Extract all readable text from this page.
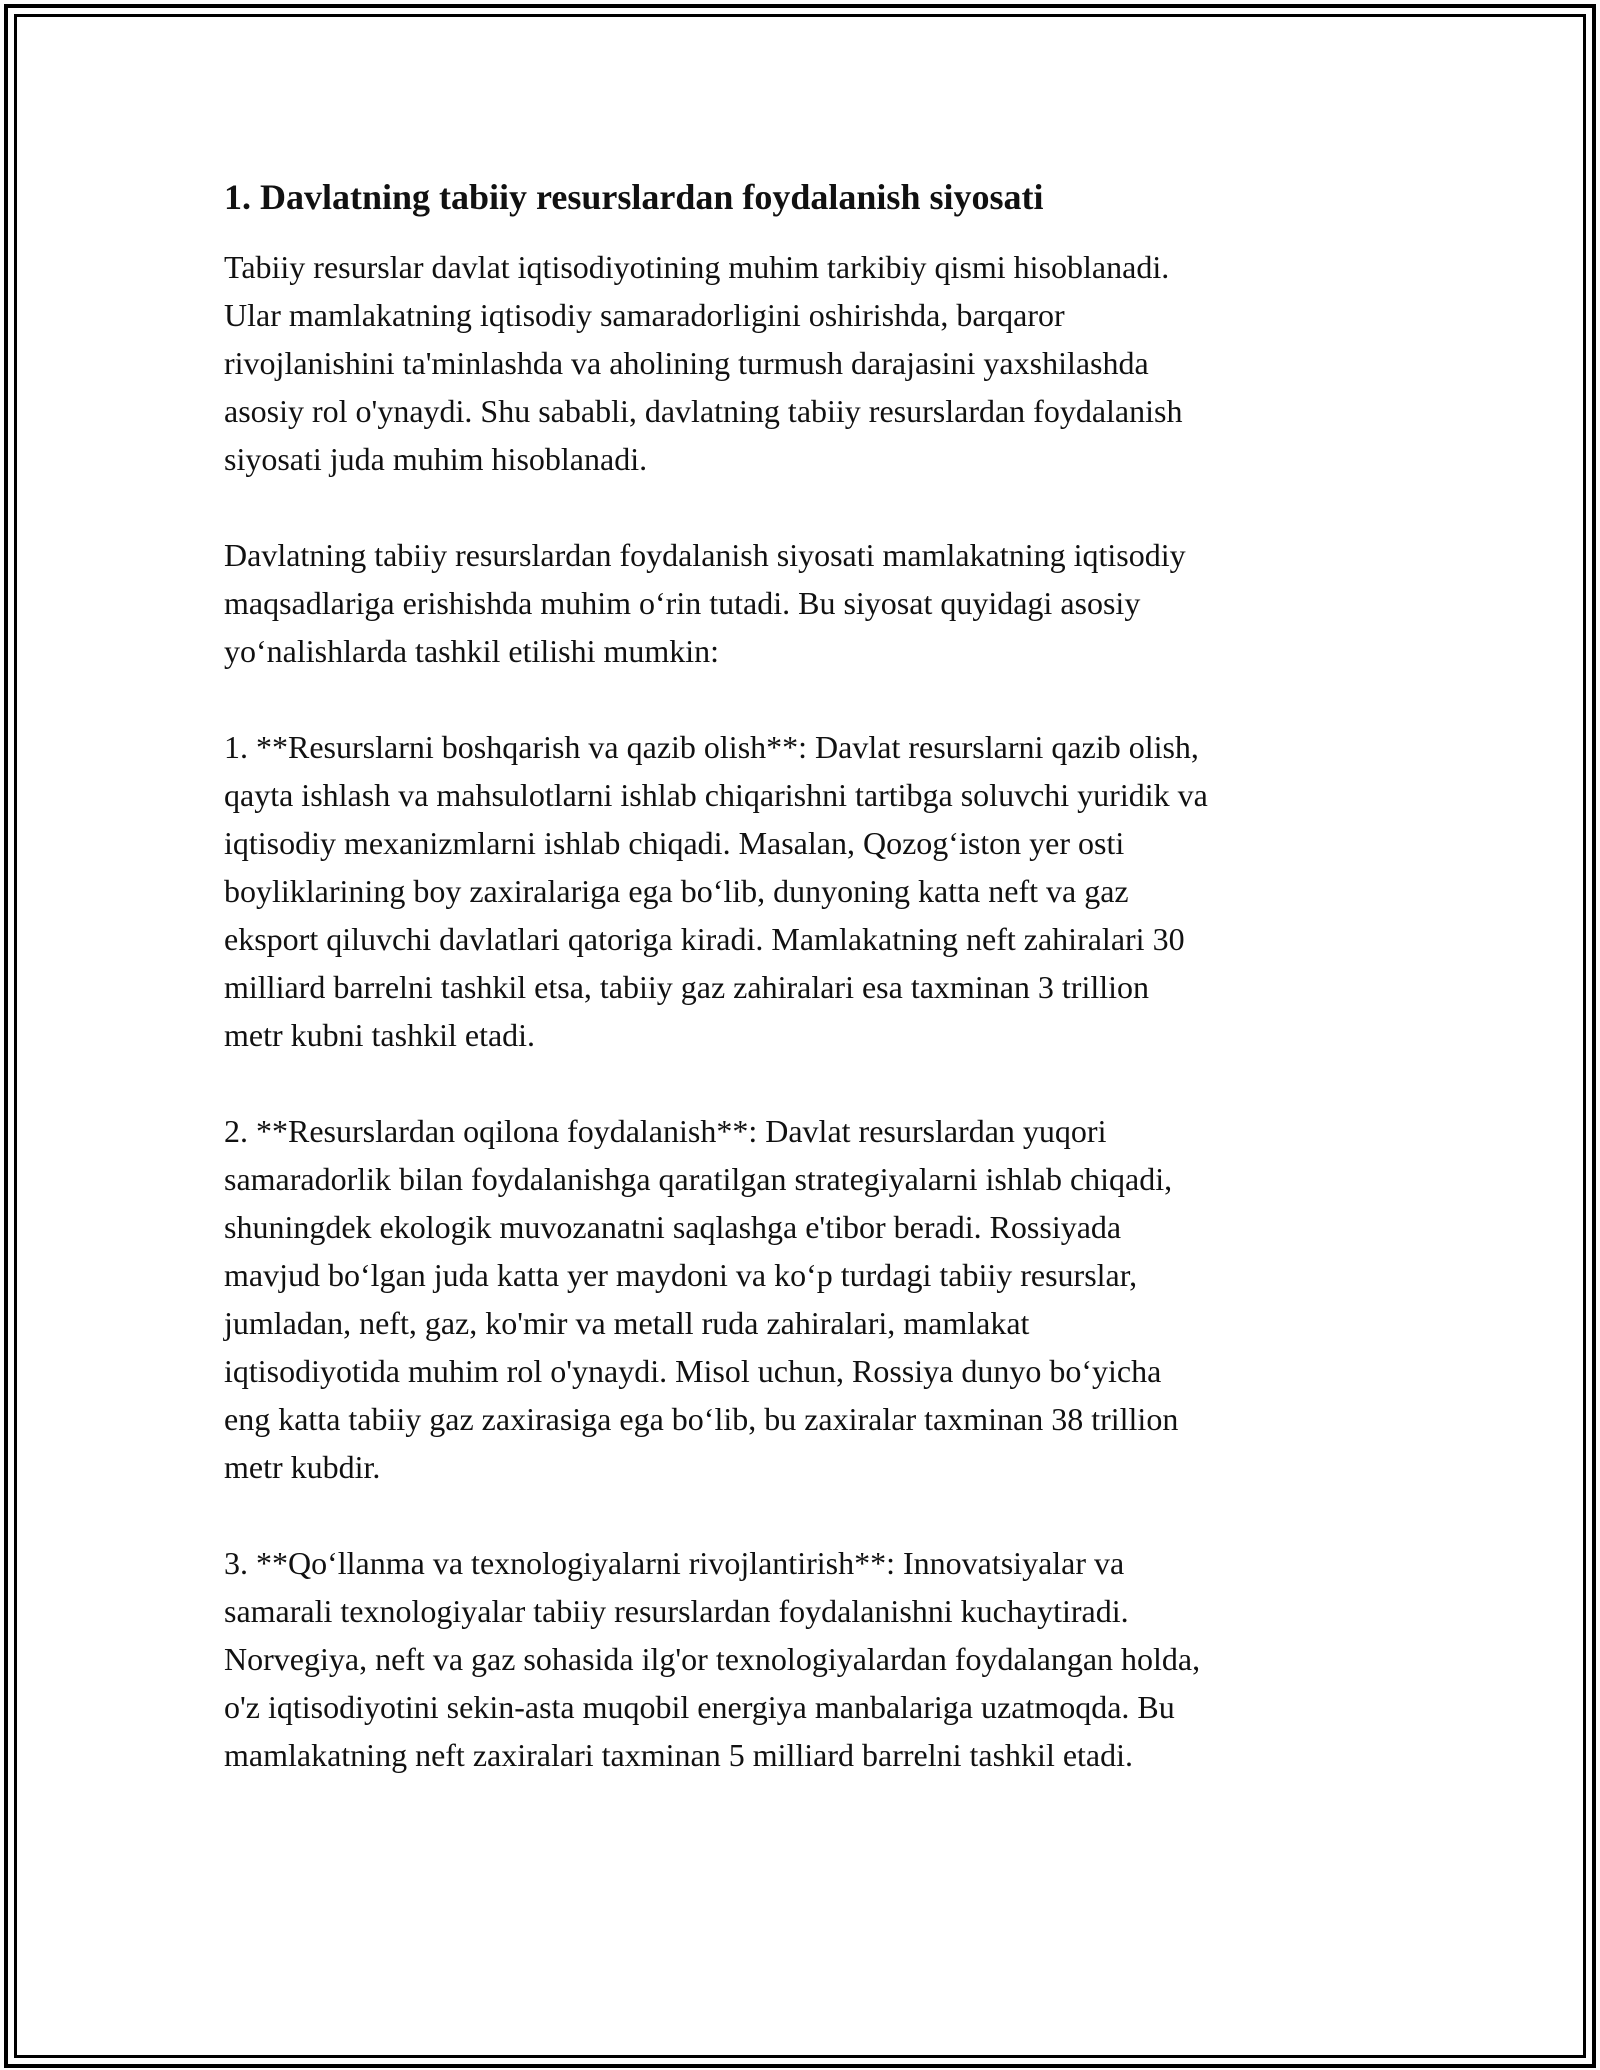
1. Davlatning tabiiy resurslardan foydalanish siyosati

Tabiiy resurslar davlat iqtisodiyotining muhim tarkibiy qismi hisoblanadi.
Ular mamlakatning iqtisodiy samaradorligini oshirishda, barqaror
rivojlanishini ta'minlashda va aholining turmush darajasini yaxshilashda
asosiy rol o'ynaydi. Shu sababli, davlatning tabiiy resurslardan foydalanish
siyosati juda muhim hisoblanadi.

Davlatning tabiiy resurslardan foydalanish siyosati mamlakatning iqtisodiy
maqsadlariga erishishda muhim o‘rin tutadi. Bu siyosat quyidagi asosiy
yo‘nalishlarda tashkil etilishi mumkin:

1. **Resurslarni boshqarish va qazib olish**: Davlat resurslarni qazib olish,
qayta ishlash va mahsulotlarni ishlab chiqarishni tartibga soluvchi yuridik va
iqtisodiy mexanizmlarni ishlab chiqadi. Masalan, Qozog‘iston yer osti
boyliklarining boy zaxiralariga ega bo‘lib, dunyoning katta neft va gaz
eksport qiluvchi davlatlari qatoriga kiradi. Mamlakatning neft zahiralari 30
milliard barrelni tashkil etsa, tabiiy gaz zahiralari esa taxminan 3 trillion
metr kubni tashkil etadi.

2. **Resurslardan oqilona foydalanish**: Davlat resurslardan yuqori
samaradorlik bilan foydalanishga qaratilgan strategiyalarni ishlab chiqadi,
shuningdek ekologik muvozanatni saqlashga e'tibor beradi. Rossiyada
mavjud bo‘lgan juda katta yer maydoni va ko‘p turdagi tabiiy resurslar,
jumladan, neft, gaz, ko'mir va metall ruda zahiralari, mamlakat
iqtisodiyotida muhim rol o'ynaydi. Misol uchun, Rossiya dunyo bo‘yicha
eng katta tabiiy gaz zaxirasiga ega bo‘lib, bu zaxiralar taxminan 38 trillion
metr kubdir.

3. **Qo‘llanma va texnologiyalarni rivojlantirish**: Innovatsiyalar va
samarali texnologiyalar tabiiy resurslardan foydalanishni kuchaytiradi.
Norvegiya, neft va gaz sohasida ilg'or texnologiyalardan foydalangan holda,
o'z iqtisodiyotini sekin-asta muqobil energiya manbalariga uzatmoqda. Bu
mamlakatning neft zaxiralari taxminan 5 milliard barrelni tashkil etadi.
